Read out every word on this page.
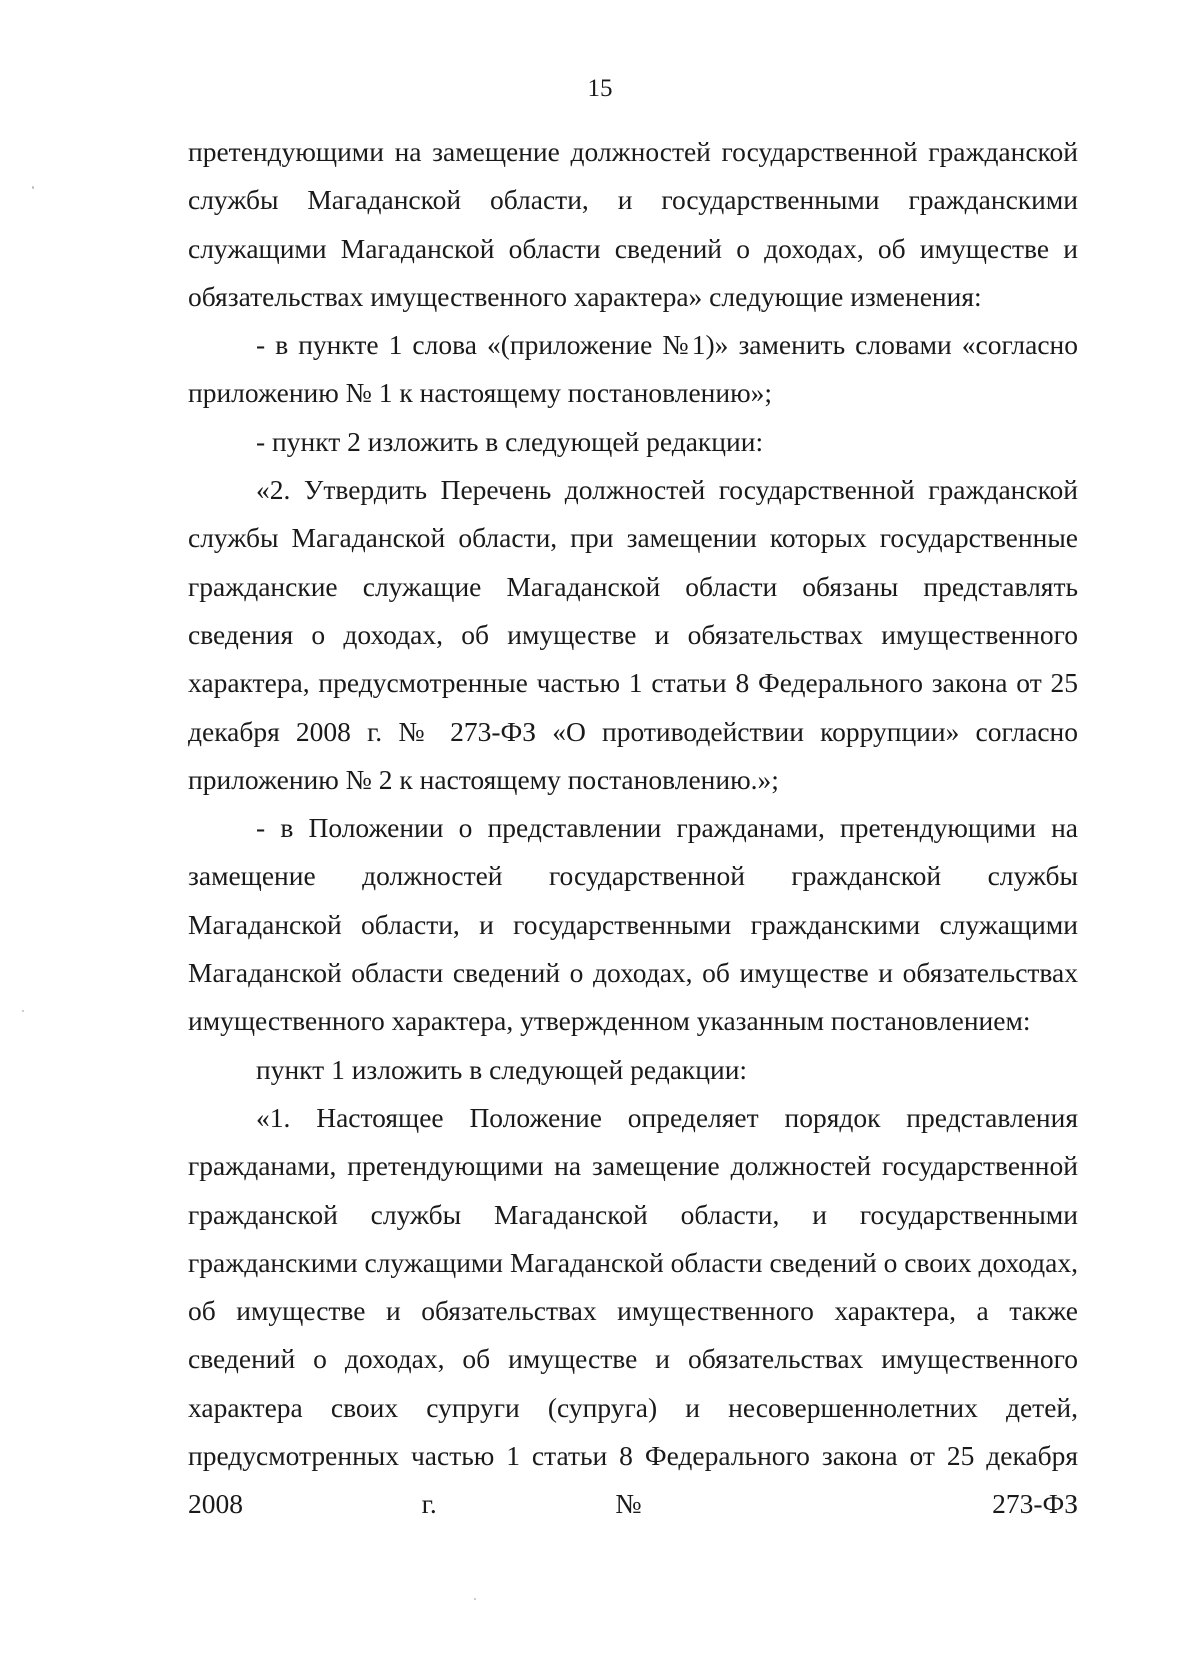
15

претендующими на замещение должностей государственной гражданской службы Магаданской области, и государственными гражданскими служащими Магаданской области сведений о доходах, об имуществе и обязательствах имущественного характера» следующие изменения:

- в пункте 1 слова «(приложение №1)» заменить словами «согласно приложению № 1 к настоящему постановлению»;

- пункт 2 изложить в следующей редакции:

«2. Утвердить Перечень должностей государственной гражданской службы Магаданской области, при замещении которых государственные гражданские служащие Магаданской области обязаны представлять сведения о доходах, об имуществе и обязательствах имущественного характера, предусмотренные частью 1 статьи 8 Федерального закона от 25 декабря 2008 г. № 273-ФЗ «О противодействии коррупции» согласно приложению № 2 к настоящему постановлению.»;

- в Положении о представлении гражданами, претендующими на замещение должностей государственной гражданской службы Магаданской области, и государственными гражданскими служащими Магаданской области сведений о доходах, об имуществе и обязательствах имущественного характера, утвержденном указанным постановлением:

пункт 1 изложить в следующей редакции:

«1. Настоящее Положение определяет порядок представления гражданами, претендующими на замещение должностей государственной гражданской службы Магаданской области, и государственными гражданскими служащими Магаданской области сведений о своих доходах, об имуществе и обязательствах имущественного характера, а также сведений о доходах, об имуществе и обязательствах имущественного характера своих супруги (супруга) и несовершеннолетних детей, предусмотренных частью 1 статьи 8 Федерального закона от 25 декабря 2008 г. № 273-ФЗ
